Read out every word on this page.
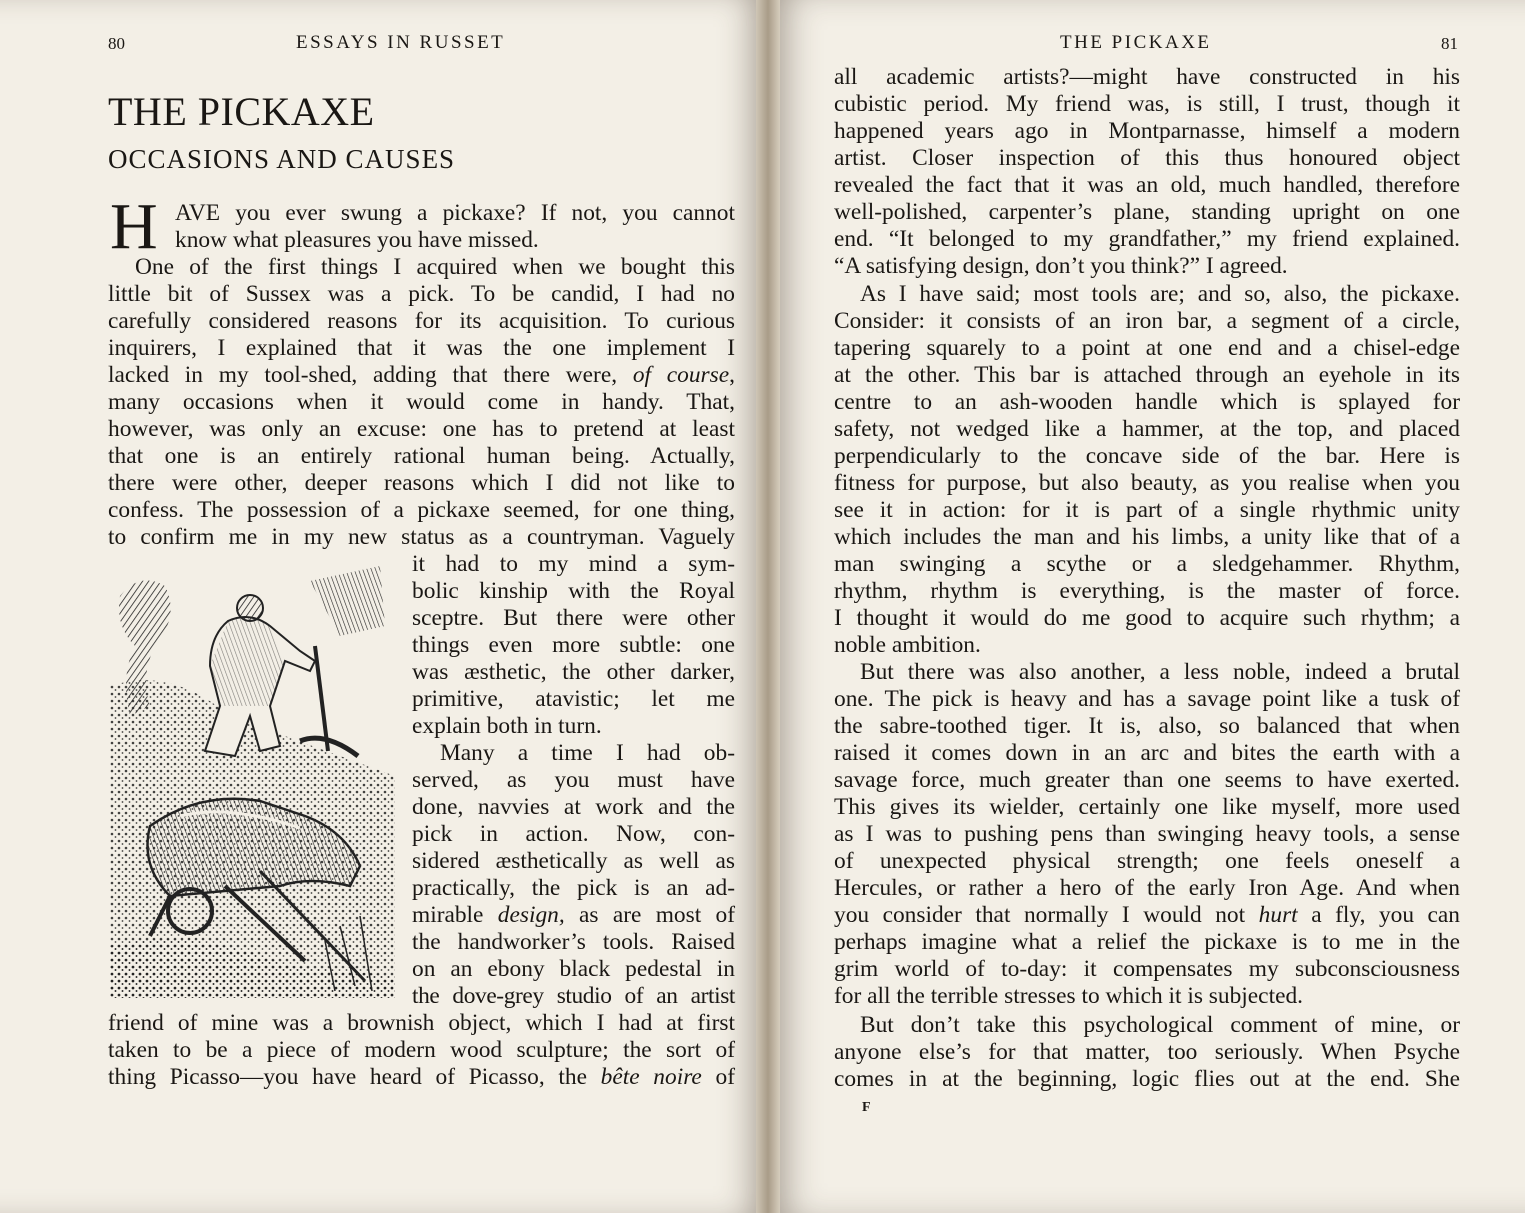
80	ESSAYS IN RUSSET
THE PICKAXE
OCCASIONS AND CAUSES
H AVE you ever swung a pickaxe? If not, you cannot
know what pleasures you have missed.
One of the first things I acquired when we bought this
little bit of Sussex was a pick. To be candid, I had no
carefully considered reasons for its acquisition. To curious
inquirers, I explained that it was the one implement I
lacked in my tool-shed, adding that there were, of course,
many occasions when it would come in handy. That,
however, was only an excuse: one has to pretend at least
that one is an entirely rational human being. Actually,
there were other, deeper reasons which I did not like to
confess. The possession of a pickaxe seemed, for one thing,
to confirm me in my new status as a countryman. Vaguely
it had to my mind a sym-
bolic kinship with the Royal
sceptre. But there were other
things even more subtle: one
was æsthetic, the other darker,
primitive, atavistic; let me
explain both in turn.
Many a time I had ob-
served, as you must have
done, navvies at work and the
pick in action. Now, con-
sidered æsthetically as well as
practically, the pick is an ad-
mirable design, as are most of
the handworker’s tools. Raised
on an ebony black pedestal in
the dove-grey studio of an artist
friend of mine was a brownish object, which I had at first
taken to be a piece of modern wood sculpture; the sort of
thing Picasso—you have heard of Picasso, the bête noire of
THE PICKAXE	81
all academic artists?—might have constructed in his
cubistic period. My friend was, is still, I trust, though it
happened years ago in Montparnasse, himself a modern
artist. Closer inspection of this thus honoured object
revealed the fact that it was an old, much handled, therefore
well-polished, carpenter’s plane, standing upright on one
end. “It belonged to my grandfather,” my friend explained.
“A satisfying design, don’t you think?” I agreed.
As I have said; most tools are; and so, also, the pickaxe.
Consider: it consists of an iron bar, a segment of a circle,
tapering squarely to a point at one end and a chisel-edge
at the other. This bar is attached through an eyehole in its
centre to an ash-wooden handle which is splayed for
safety, not wedged like a hammer, at the top, and placed
perpendicularly to the concave side of the bar. Here is
fitness for purpose, but also beauty, as you realise when you
see it in action: for it is part of a single rhythmic unity
which includes the man and his limbs, a unity like that of a
man swinging a scythe or a sledgehammer. Rhythm,
rhythm, rhythm is everything, is the master of force.
I thought it would do me good to acquire such rhythm; a
noble ambition.
But there was also another, a less noble, indeed a brutal
one. The pick is heavy and has a savage point like a tusk of
the sabre-toothed tiger. It is, also, so balanced that when
raised it comes down in an arc and bites the earth with a
savage force, much greater than one seems to have exerted.
This gives its wielder, certainly one like myself, more used
as I was to pushing pens than swinging heavy tools, a sense
of unexpected physical strength; one feels oneself a
Hercules, or rather a hero of the early Iron Age. And when
you consider that normally I would not hurt a fly, you can
perhaps imagine what a relief the pickaxe is to me in the
grim world of to-day: it compensates my subconsciousness
for all the terrible stresses to which it is subjected.
But don’t take this psychological comment of mine, or
anyone else’s for that matter, too seriously. When Psyche
comes in at the beginning, logic flies out at the end. She
F
